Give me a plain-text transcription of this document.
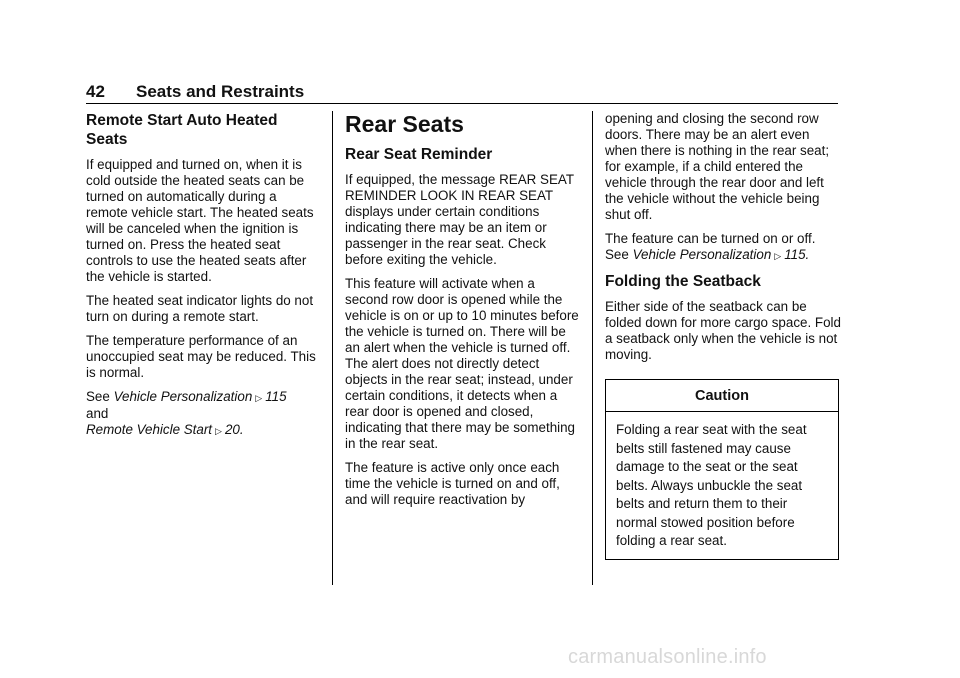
42 Seats and Restraints
Remote Start Auto Heated Seats

If equipped and turned on, when it is cold outside the heated seats can be turned on automatically during a remote vehicle start. The heated seats will be canceled when the ignition is turned on. Press the heated seat controls to use the heated seats after the vehicle is started.

The heated seat indicator lights do not turn on during a remote start.

The temperature performance of an unoccupied seat may be reduced. This is normal.

See Vehicle Personalization ▷ 115
and
Remote Vehicle Start ▷ 20.

Rear Seats
Rear Seat Reminder

If equipped, the message REAR SEAT REMINDER LOOK IN REAR SEAT displays under certain conditions indicating there may be an item or passenger in the rear seat. Check before exiting the vehicle.

This feature will activate when a second row door is opened while the vehicle is on or up to 10 minutes before the vehicle is turned on. There will be an alert when the vehicle is turned off. The alert does not directly detect objects in the rear seat; instead, under certain conditions, it detects when a rear door is opened and closed, indicating that there may be something in the rear seat.

The feature is active only once each time the vehicle is turned on and off, and will require reactivation by

opening and closing the second row doors. There may be an alert even when there is nothing in the rear seat; for example, if a child entered the vehicle through the rear door and left the vehicle without the vehicle being shut off.

The feature can be turned on or off. See Vehicle Personalization ▷ 115.

Folding the Seatback

Either side of the seatback can be folded down for more cargo space. Fold a seatback only when the vehicle is not moving.

Caution
Folding a rear seat with the seat belts still fastened may cause damage to the seat or the seat belts. Always unbuckle the seat belts and return them to their normal stowed position before folding a rear seat.
carmanualsonline.info
